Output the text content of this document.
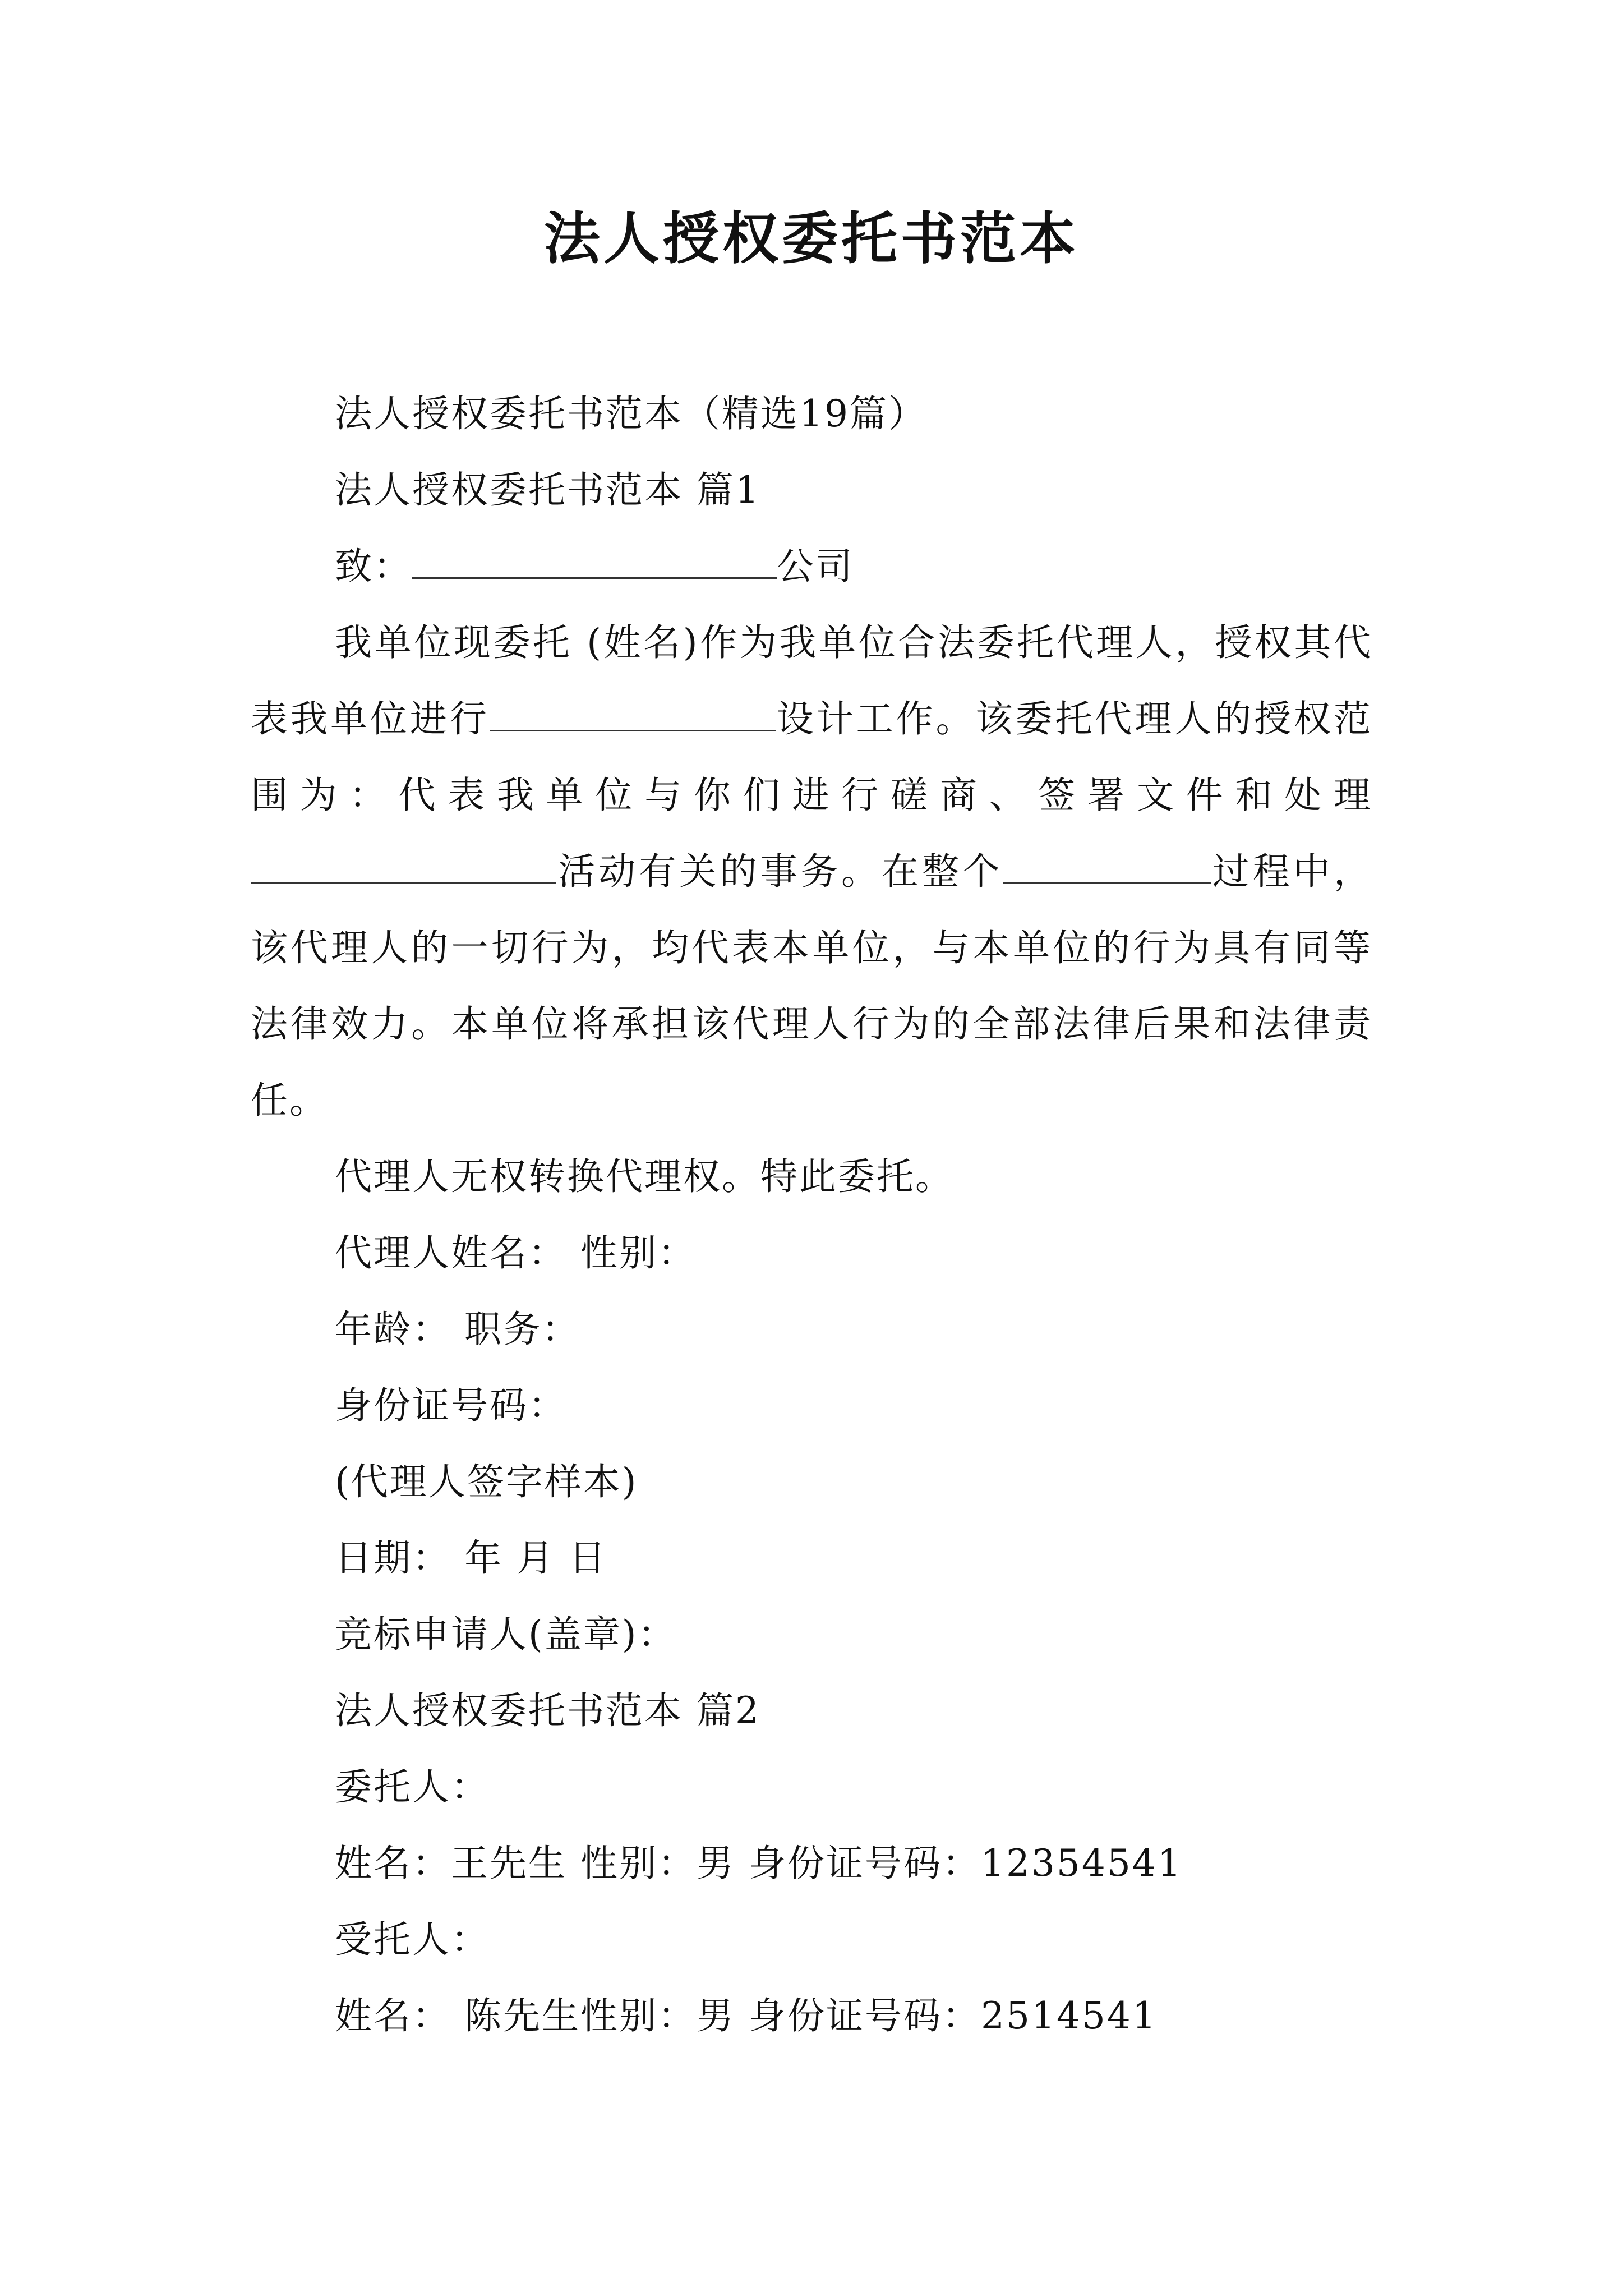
法人授权委托书范本

法人授权委托书范本（精选19篇）

法人授权委托书范本 篇1

致：	公司

我单位现委托 (姓名)作为我单位合法委托代理人，授权其代表我单位进行	设计工作。该委托代理人的授权范围为：代表我单位与你们进行磋商、签署文件和处理活动有关的事务。在整个	过程中，该代理人的一切行为，均代表本单位，与本单位的行为具有同等法律效力。本单位将承担该代理人行为的全部法律后果和法律责任。

代理人无权转换代理权。特此委托。

代理人姓名： 性别：

年龄： 职务：

身份证号码：

(代理人签字样本)

日期： 年 月 日

竞标申请人(盖章)：

法人授权委托书范本 篇2

委托人：

姓名：王先生 性别：男 身份证号码：12354541

受托人：

姓名： 陈先生性别：男 身份证号码：2514541
